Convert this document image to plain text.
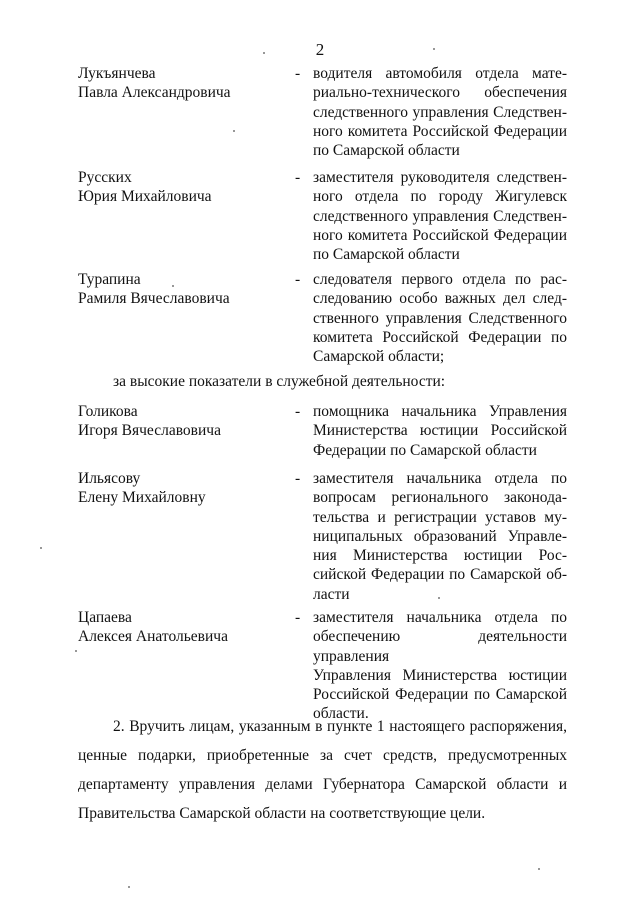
2
Лукъянчева
Павла Александровича
- водителя автомобиля отдела мате-
риально-технического обеспечения
следственного управления Следствен-
ного комитета Российской Федерации
по Самарской области
Русских
Юрия Михайловича
- заместителя руководителя следствен-
ного отдела по городу Жигулевск
следственного управления Следствен-
ного комитета Российской Федерации
по Самарской области
Турапина
Рамиля Вячеславовича
- следователя первого отдела по рас-
следованию особо важных дел след-
ственного управления Следственного
комитета Российской Федерации по
Самарской области;
за высокие показатели в служебной деятельности:
Голикова
Игоря Вячеславовича
- помощника начальника Управления
Министерства юстиции Российской
Федерации по Самарской области
Ильясову
Елену Михайловну
- заместителя начальника отдела по
вопросам регионального законода-
тельства и регистрации уставов му-
ниципальных образований Управле-
ния Министерства юстиции Рос-
сийской Федерации по Самарской об-
ласти
Цапаева
Алексея Анатольевича
- заместителя начальника отдела по
обеспечению деятельности управления
Управления Министерства юстиции
Российской Федерации по Самарской
области.
2. Вручить лицам, указанным в пункте 1 настоящего распоряжения,
ценные подарки, приобретенные за счет средств, предусмотренных
департаменту управления делами Губернатора Самарской области и
Правительства Самарской области на соответствующие цели.
